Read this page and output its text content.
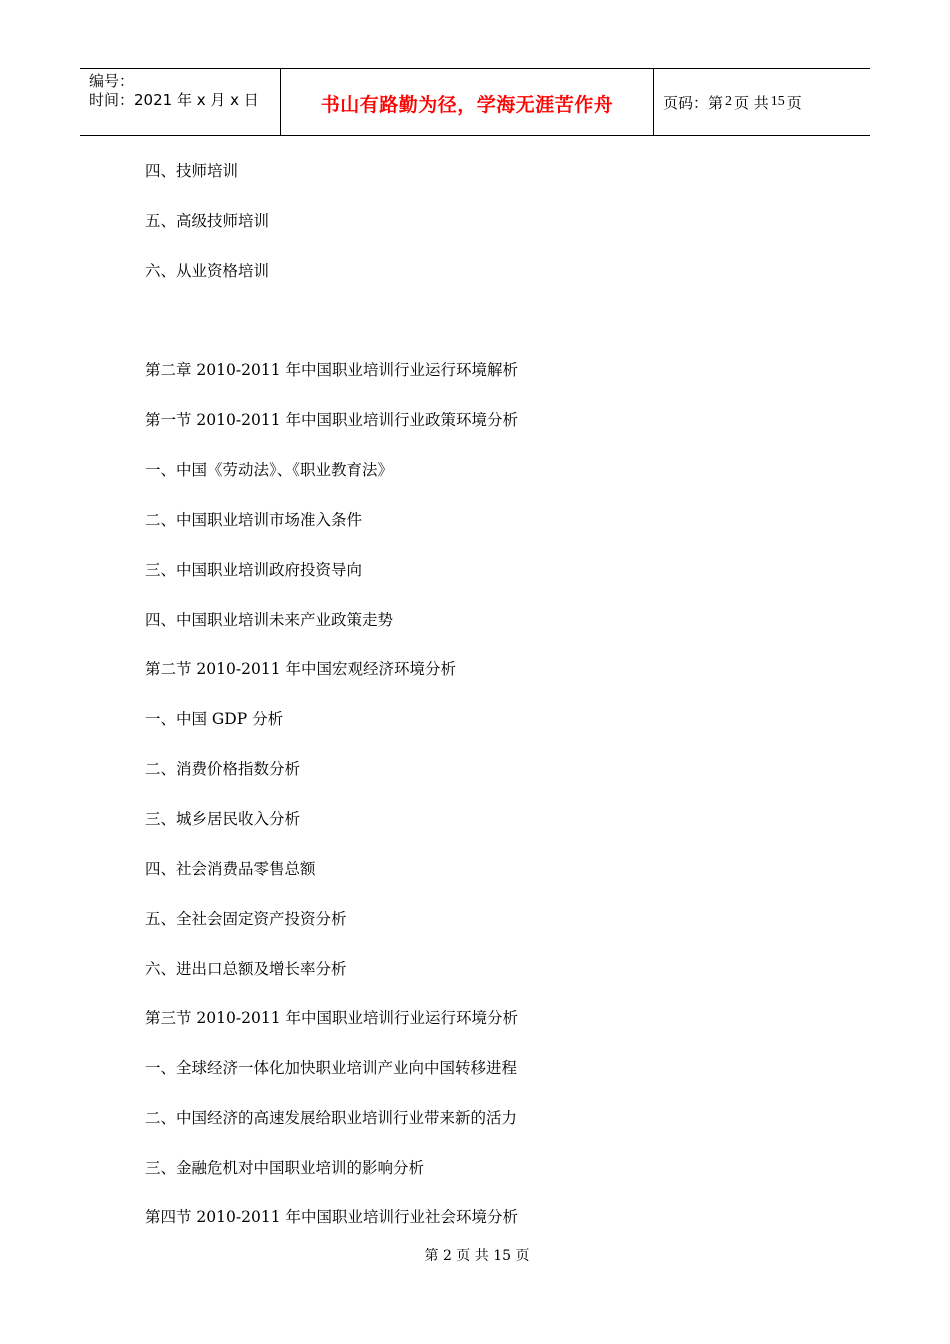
编号：
时间：2021 年 x 月 x 日	书山有路勤为径，学海无涯苦作舟	页码：第 2 页 共 15 页
四、技师培训
五、高级技师培训
六、从业资格培训
第二章 2010-2011 年中国职业培训行业运行环境解析
第一节 2010-2011 年中国职业培训行业政策环境分析
一、中国《劳动法》、《职业教育法》
二、中国职业培训市场准入条件
三、中国职业培训政府投资导向
四、中国职业培训未来产业政策走势
第二节 2010-2011 年中国宏观经济环境分析
一、中国 GDP 分析
二、消费价格指数分析
三、城乡居民收入分析
四、社会消费品零售总额
五、全社会固定资产投资分析
六、进出口总额及增长率分析
第三节 2010-2011 年中国职业培训行业运行环境分析
一、全球经济一体化加快职业培训产业向中国转移进程
二、中国经济的高速发展给职业培训行业带来新的活力
三、金融危机对中国职业培训的影响分析
第四节 2010-2011 年中国职业培训行业社会环境分析
第 2 页 共 15 页
